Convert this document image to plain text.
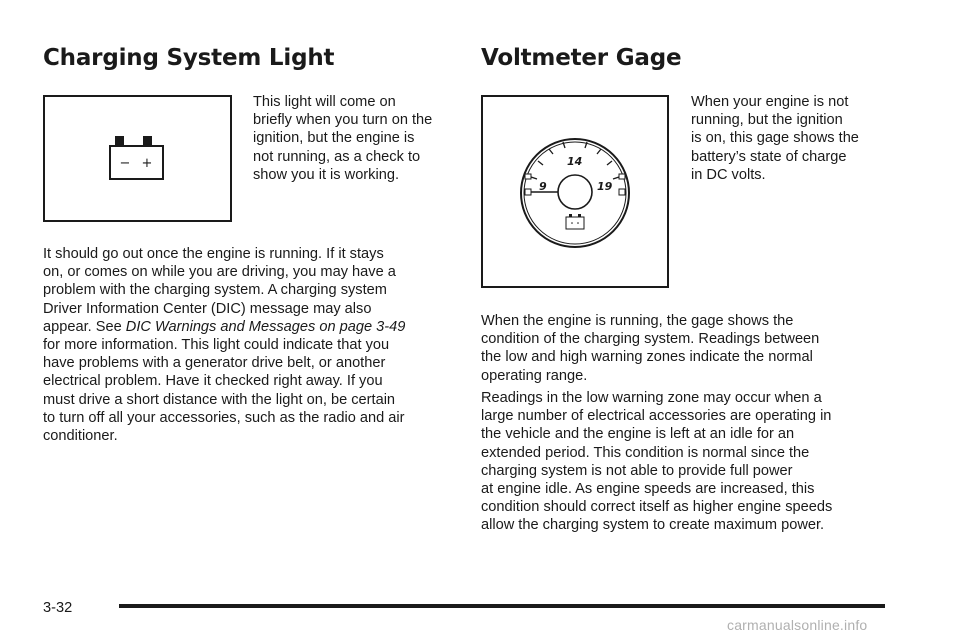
Charging System Light
− +

This light will come on

briefly when you turn on the

ignition, but the engine is

not running, as a check to

show you it is working.

It should go out once the engine is running. If it stays

on, or comes on while you are driving, you may have a

problem with the charging system. A charging system

Driver Information Center (DIC) message may also

appear. See DIC Warnings and Messages on page 3-49

for more information. This light could indicate that you

have problems with a generator drive belt, or another

electrical problem. Have it checked right away. If you

must drive a short distance with the light on, be certain

to turn off all your accessories, such as the radio and air

conditioner.

Voltmeter Gage
14
9	19

When your engine is not

running, but the ignition

is on, this gage shows the

battery’s state of charge

in DC volts.

When the engine is running, the gage shows the

condition of the charging system. Readings between

the low and high warning zones indicate the normal

operating range.

Readings in the low warning zone may occur when a

large number of electrical accessories are operating in

the vehicle and the engine is left at an idle for an

extended period. This condition is normal since the

charging system is not able to provide full power

at engine idle. As engine speeds are increased, this

condition should correct itself as higher engine speeds

allow the charging system to create maximum power.

3-32
carmanualsonline.info
